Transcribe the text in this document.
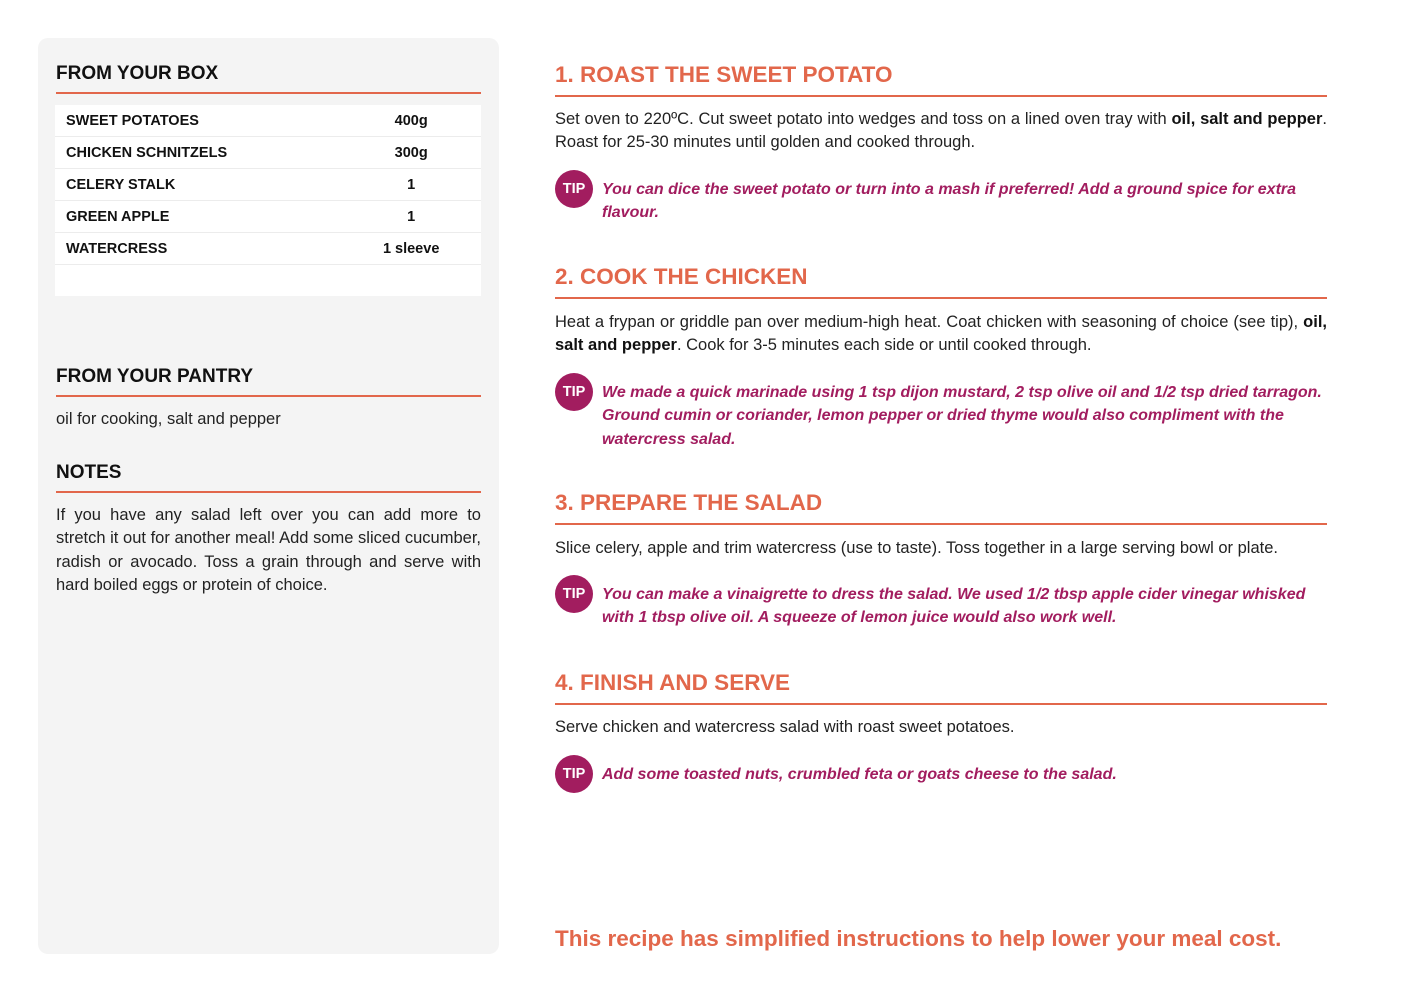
FROM YOUR BOX
SWEET POTATOES	400g
CHICKEN SCHNITZELS	300g
CELERY STALK	1
GREEN APPLE	1
WATERCRESS	1 sleeve
FROM YOUR PANTRY
oil for cooking, salt and pepper
NOTES
If you have any salad left over you can add more to stretch it out for another meal! Add some sliced cucumber, radish or avocado. Toss a grain through and serve with hard boiled eggs or protein of choice.
1. ROAST THE SWEET POTATO
Set oven to 220ºC. Cut sweet potato into wedges and toss on a lined oven tray with oil, salt and pepper. Roast for 25-30 minutes until golden and cooked through.
TIP	You can dice the sweet potato or turn into a mash if preferred! Add a ground spice for extra flavour.
2. COOK THE CHICKEN
Heat a frypan or griddle pan over medium-high heat. Coat chicken with seasoning of choice (see tip), oil, salt and pepper. Cook for 3-5 minutes each side or until cooked through.
TIP	We made a quick marinade using 1 tsp dijon mustard, 2 tsp olive oil and 1/2 tsp dried tarragon. Ground cumin or coriander, lemon pepper or dried thyme would also compliment with the watercress salad.
3. PREPARE THE SALAD
Slice celery, apple and trim watercress (use to taste). Toss together in a large serving bowl or plate.
TIP	You can make a vinaigrette to dress the salad. We used 1/2 tbsp apple cider vinegar whisked with 1 tbsp olive oil. A squeeze of lemon juice would also work well.
4. FINISH AND SERVE
Serve chicken and watercress salad with roast sweet potatoes.
TIP	Add some toasted nuts, crumbled feta or goats cheese to the salad.
This recipe has simplified instructions to help lower your meal cost.
